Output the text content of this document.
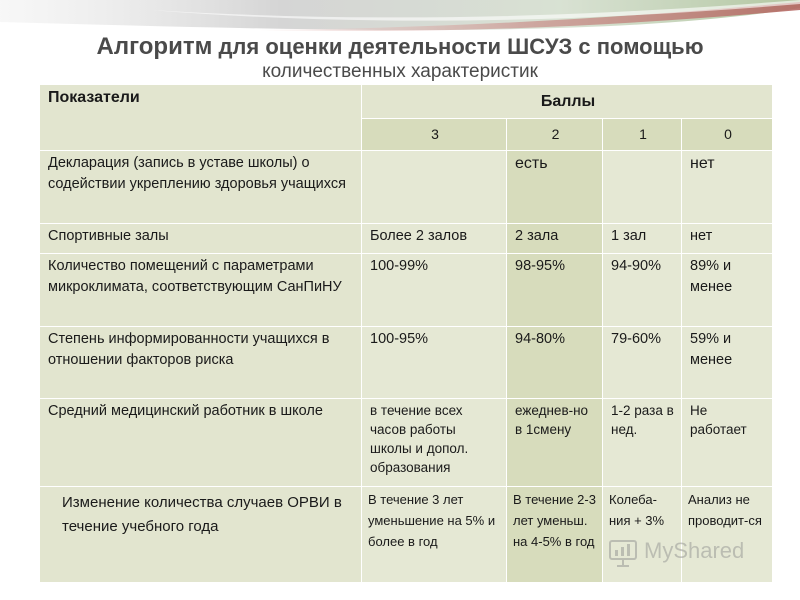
Алгоритм для оценки деятельности ШСУЗ с помощью
количественных характеристик
Показатели	Баллы			
	3	2	1	0
Декларация (запись в уставе школы) о содействии укреплению здоровья учащихся		есть		нет
Спортивные залы	Более 2 залов	2 зала	1 зал	нет
Количество помещений с параметрами микроклимата, соответствующим СанПиНУ	100-99%	98-95%	94-90%	89% и менее
Степень информированности учащихся в отношении факторов риска	100-95%	94-80%	79-60%	59% и менее
Средний медицинский работник в школе	в течение всех часов работы школы и допол. образования	ежеднев-но в 1смену	1-2 раза в нед.	Не работает
Изменение количества случаев ОРВИ в течение учебного года	В течение 3 лет уменьшение на 5% и более в год	В течение 2-3 лет уменьш. на 4-5% в год	Колеба-ния + 3%	Анализ не проводит-ся
MyShared
